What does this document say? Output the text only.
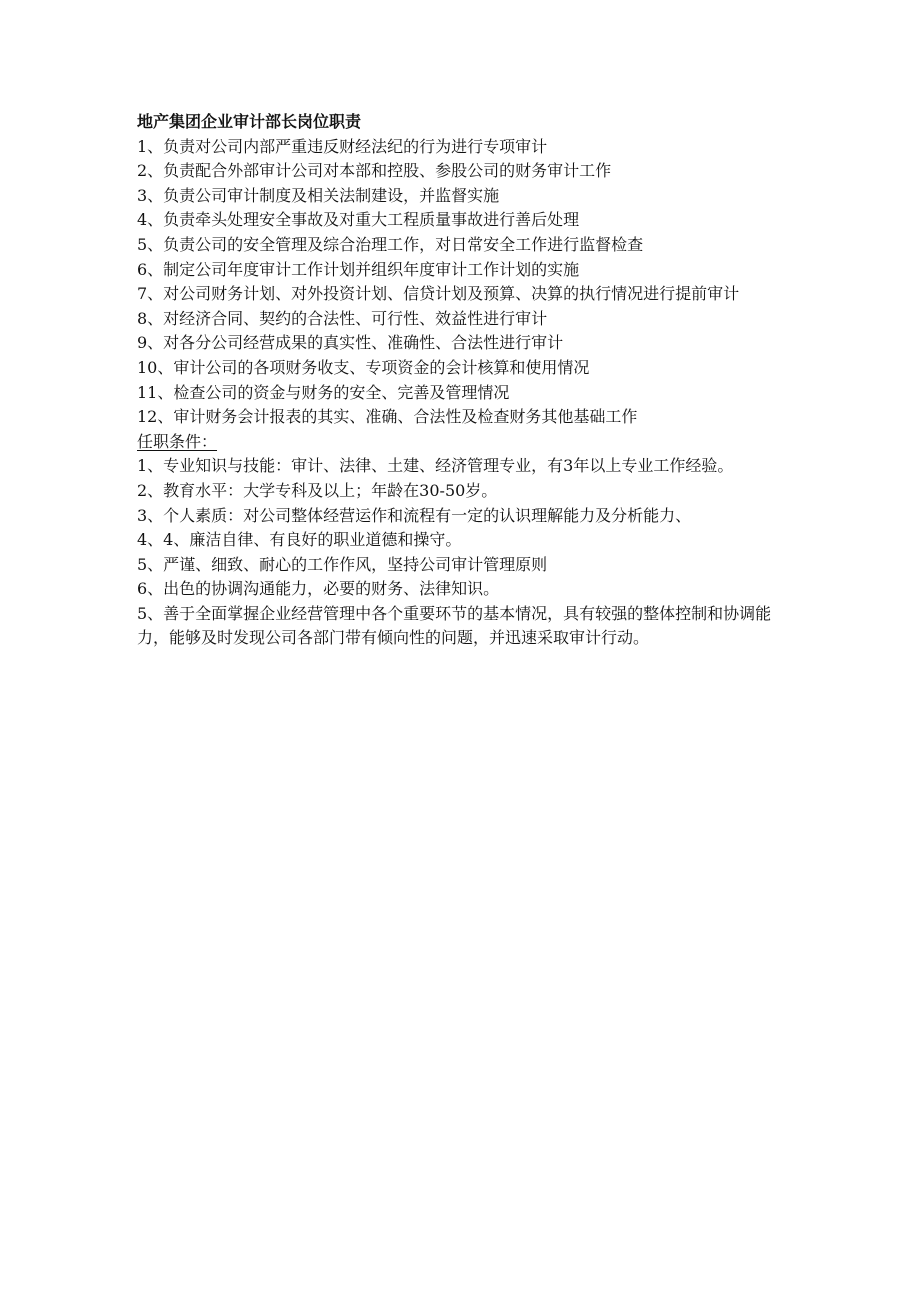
地产集团企业审计部长岗位职责
1、负责对公司内部严重违反财经法纪的行为进行专项审计
2、负责配合外部审计公司对本部和控股、参股公司的财务审计工作
3、负责公司审计制度及相关法制建设，并监督实施
4、负责牵头处理安全事故及对重大工程质量事故进行善后处理
5、负责公司的安全管理及综合治理工作，对日常安全工作进行监督检查
6、制定公司年度审计工作计划并组织年度审计工作计划的实施
7、对公司财务计划、对外投资计划、信贷计划及预算、决算的执行情况进行提前审计
8、对经济合同、契约的合法性、可行性、效益性进行审计
9、对各分公司经营成果的真实性、准确性、合法性进行审计
10、审计公司的各项财务收支、专项资金的会计核算和使用情况
11、检查公司的资金与财务的安全、完善及管理情况
12、审计财务会计报表的其实、准确、合法性及检查财务其他基础工作
任职条件：
1、专业知识与技能：审计、法律、土建、经济管理专业，有3年以上专业工作经验。
2、教育水平：大学专科及以上；年龄在30-50岁。
3、个人素质：对公司整体经营运作和流程有一定的认识理解能力及分析能力、
4、4、廉洁自律、有良好的职业道德和操守。
5、严谨、细致、耐心的工作作风，坚持公司审计管理原则
6、出色的协调沟通能力，必要的财务、法律知识。
5、善于全面掌握企业经营管理中各个重要环节的基本情况，具有较强的整体控制和协调能力，能够及时发现公司各部门带有倾向性的问题，并迅速采取审计行动。
